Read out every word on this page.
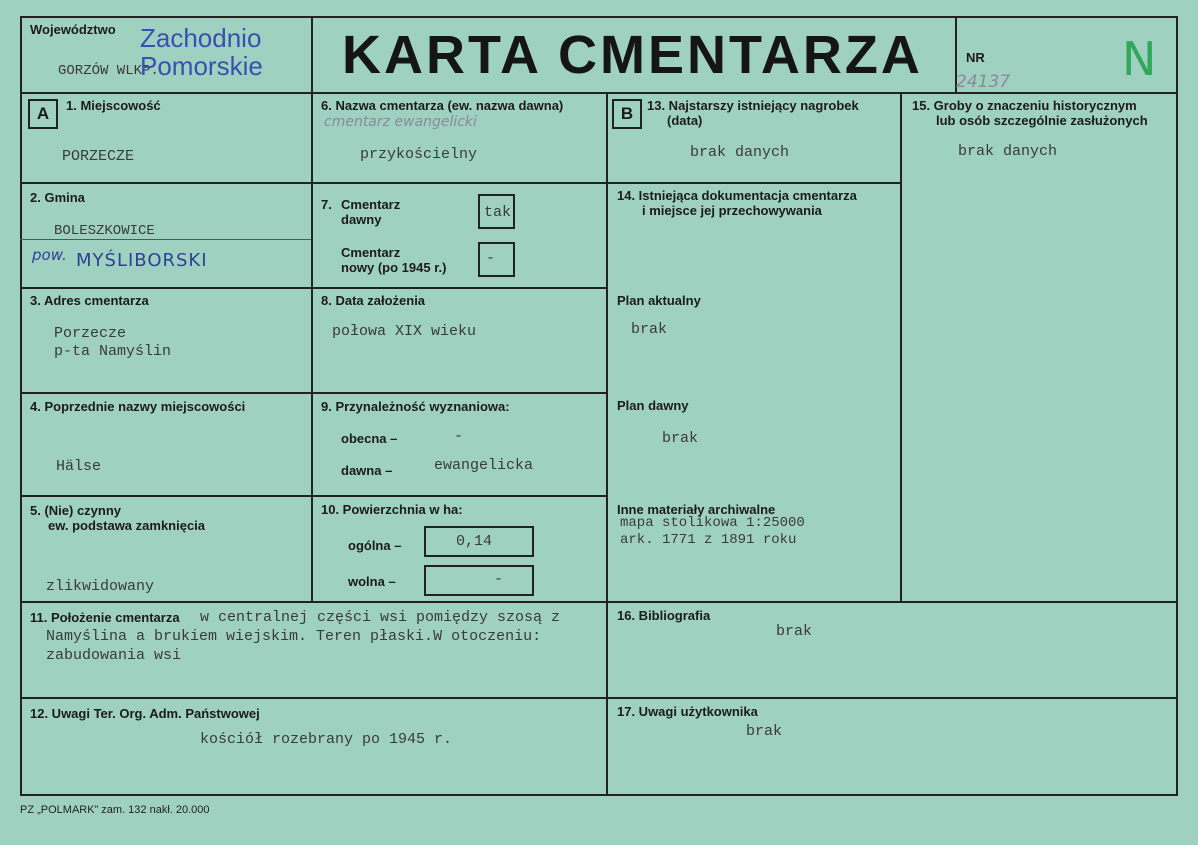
Województwo
GORZÓW WLKP.
Zachodnio
Pomorskie KARTA CMENTARZA	NR
24137 N
A	B
1. Miejscowość
PORZECZE
2. Gmina
BOLESZKOWICE
pow. MYŚLIBORSKI
3. Adres cmentarza
Porzecze
p-ta Namyślin
4. Poprzednie nazwy miejscowości
Hälse
5. (Nie) czynny
ew. podstawa zamknięcia
zlikwidowany
6. Nazwa cmentarza (ew. nazwa dawna)
cmentarz ewangelicki
przykościelny
7. Cmentarz
dawny	tak
Cmentarz
nowy (po 1945 r.)
-
8. Data założenia
połowa XIX wieku
9. Przynależność wyznaniowa:
obecna –	-
dawna –	ewangelicka
10. Powierzchnia w ha:
ogólna –	0,14
wolna –	-
13. Najstarszy istniejący nagrobek
(data)
brak danych
14. Istniejąca dokumentacja cmentarza
i miejsce jej przechowywania
Plan aktualny
brak
Plan dawny
brak
Inne materiały archiwalne
mapa stolikowa 1:25000
ark. 1771 z 1891 roku
15. Groby o znaczeniu historycznym
lub osób szczególnie zasłużonych
brak danych
11. Położenie cmentarza w centralnej części wsi pomiędzy szosą z
Namyślina a brukiem wiejskim. Teren płaski.W otoczeniu:
zabudowania wsi
16. Bibliografia
brak
12. Uwagi Ter. Org. Adm. Państwowej
kościół rozebrany po 1945 r.
17. Uwagi użytkownika
brak
PZ „POLMARK” zam. 132 nakł. 20.000
